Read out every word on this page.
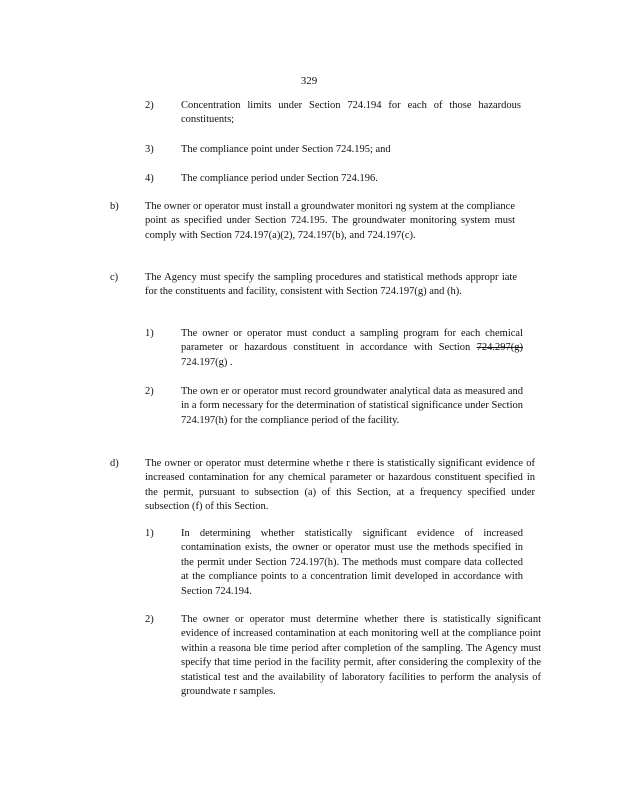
329
2)	Concentration limits under Section 724.194 for each of those hazardous constituents;
3)	The compliance point under Section 724.195; and
4)	The compliance period under Section 724.196.
b)	The owner or operator must install a groundwater monitori ng system at the compliance point as specified under Section 724.195. The groundwater monitoring system must comply with Section 724.197(a)(2), 724.197(b), and 724.197(c).
c)	The Agency must specify the sampling procedures and statistical methods appropr iate for the constituents and facility, consistent with Section 724.197(g) and (h).
1)	The owner or operator must conduct a sampling program for each chemical parameter or hazardous constituent in accordance with Section 724.297(g) 724.197(g) .
2)	The own er or operator must record groundwater analytical data as measured and in a form necessary for the determination of statistical significance under Section 724.197(h) for the compliance period of the facility.
d)	The owner or operator must determine whethe r there is statistically significant evidence of increased contamination for any chemical parameter or hazardous constituent specified in the permit, pursuant to subsection (a) of this Section, at a frequency specified under subsection (f) of this Section.
1)	In determining whether statistically significant evidence of increased contamination exists, the owner or operator must use the methods specified in the permit under Section 724.197(h). The methods must compare data collected at the compliance points to a concentration limit developed in accordance with Section 724.194.
2)	The owner or operator must determine whether there is statistically significant evidence of increased contamination at each monitoring well at the compliance point within a reasona ble time period after completion of the sampling. The Agency must specify that time period in the facility permit, after considering the complexity of the statistical test and the availability of laboratory facilities to perform the analysis of groundwate r samples.
